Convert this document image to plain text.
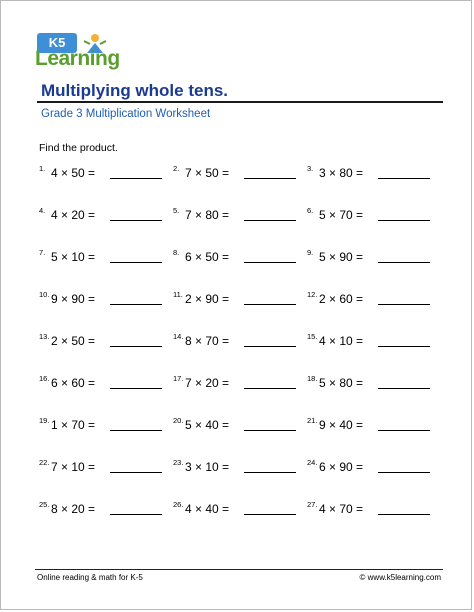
K5
Learning
Multiplying whole tens.
Grade 3 Multiplication Worksheet
Find the product.
1. 4 × 50 =	2. 7 × 50 =	3. 3 × 80 =
4. 4 × 20 =	5. 7 × 80 =	6. 5 × 70 =
7. 5 × 10 =	8. 6 × 50 =	9. 5 × 90 =
10. 9 × 90 =	11. 2 × 90 =	12. 2 × 60 =
13. 2 × 50 =	14. 8 × 70 =	15. 4 × 10 =
16. 6 × 60 =	17. 7 × 20 =	18. 5 × 80 =
19. 1 × 70 =	20. 5 × 40 =	21. 9 × 40 =
22. 7 × 10 =	23. 3 × 10 =	24. 6 × 90 =
25. 8 × 20 =	26. 4 × 40 =	27. 4 × 70 =
Online reading & math for K-5	© www.k5learning.com
